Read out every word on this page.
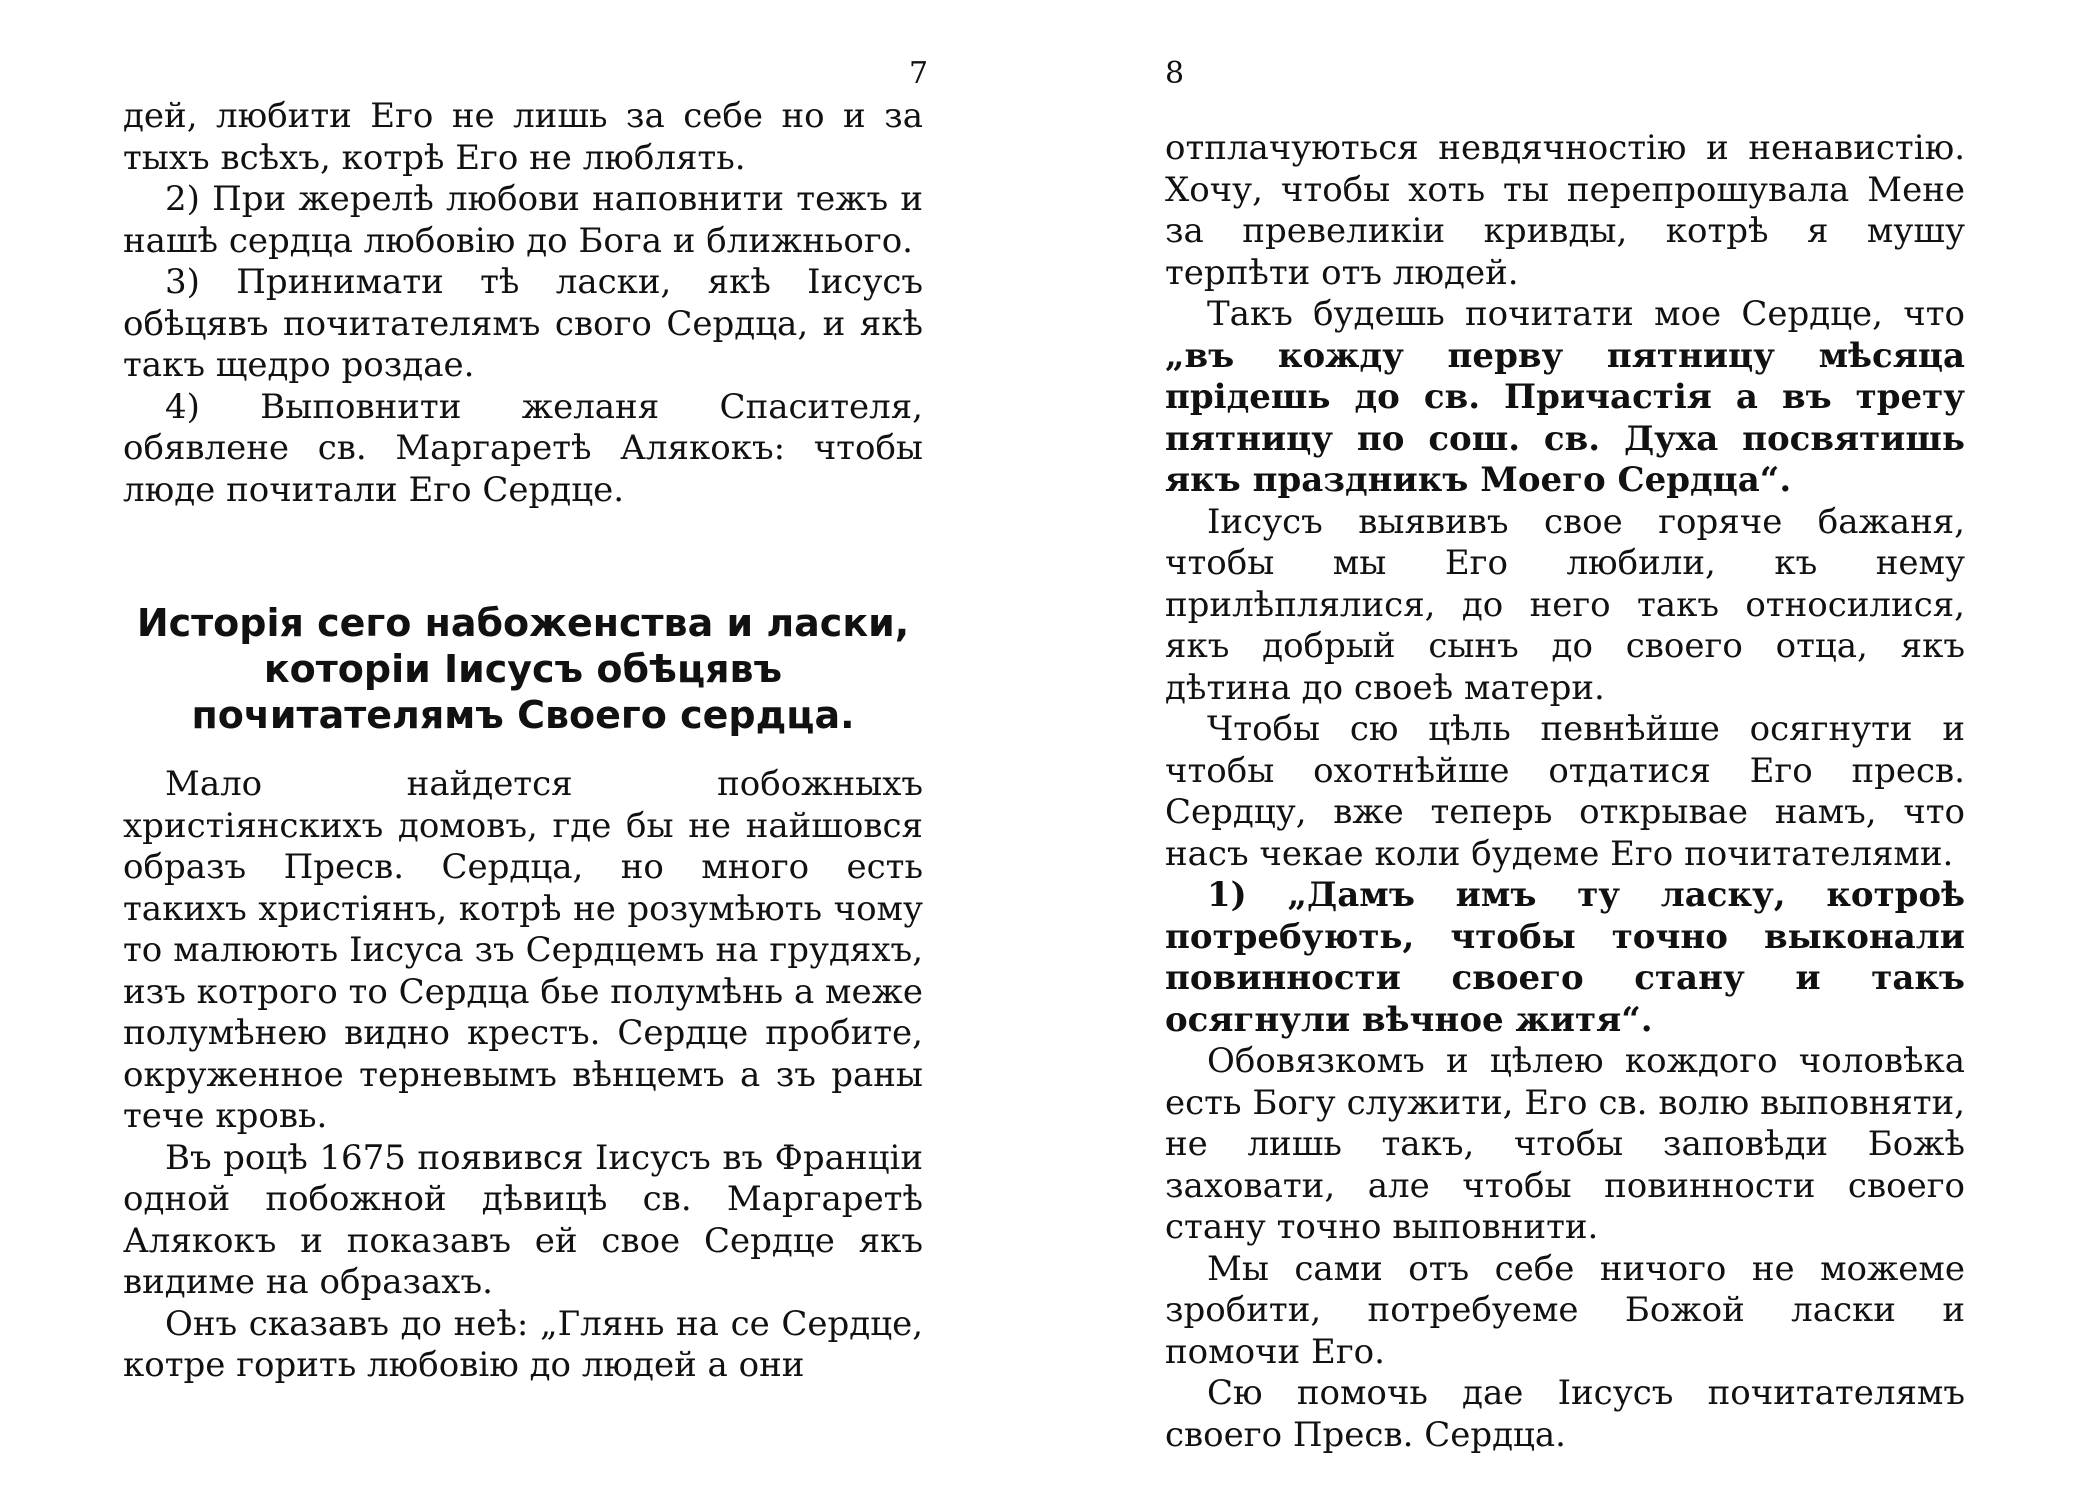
7

дей, любити Его не лишь за себе но и за тыхъ всѣхъ, котрѣ Его не люблять.

2) При жерелѣ любови наповнити тежъ и нашѣ сердца любовію до Бога и ближнього.

3) Принимати тѣ ласки, якѣ Іисусъ обѣцявъ почитателямъ свого Сердца, и якѣ такъ щедро роздае.

4) Выповнити желаня Спасителя, обявлене св. Маргаретѣ Алякокъ: чтобы люде почитали Его Сердце.

Исторія сего набоженства и ласки, которіи Іисусъ обѣцявъ почитателямъ Своего сердца.

Мало найдется побожныхъ христіянскихъ домовъ, где бы не найшовся образъ Пресв. Сердца, но много есть такихъ христіянъ, котрѣ не розумѣють чому то малюють Іисуса зъ Сердцемъ на грудяхъ, изъ котрого то Сердца бье полумѣнь а меже полумѣнею видно крестъ. Сердце пробите, окруженное терневымъ вѣнцемъ а зъ раны тече кровь.

Въ роцѣ 1675 появився Іисусъ въ Франціи одной побожной дѣвицѣ св. Маргаретѣ Алякокъ и показавъ ей свое Сердце якъ видиме на образахъ.

Онъ сказавъ до неѣ: „Глянь на се Сердце, котре горить любовію до людей а они

8

отплачуються невдячностію и ненавистію. Хочу, чтобы хоть ты перепрошувала Мене за превеликіи кривды, котрѣ я мушу терпѣти отъ людей.

Такъ будешь почитати мое Сердце, что „въ кожду перву пятницу мѣсяца прідешь до св. Причастія а въ трету пятницу по сош. св. Духа посвятишь якъ праздникъ Моего Сердца“.

Іисусъ выявивъ свое горяче бажаня, чтобы мы Его любили, къ нему прилѣплялися, до него такъ относилися, якъ добрый сынъ до своего отца, якъ дѣтина до своеѣ матери.

Чтобы сю цѣль певнѣйше осягнути и чтобы охотнѣйше отдатися Его пресв. Сердцу, вже теперь открывае намъ, что насъ чекае коли будеме Его почитателями.

1) „Дамъ имъ ту ласку, котроѣ потребують, чтобы точно выконали повинности своего стану и такъ осягнули вѣчное житя“.

Обовязкомъ и цѣлею кождого чоловѣка есть Богу служити, Его св. волю выповняти, не лишь такъ, чтобы заповѣди Божѣ заховати, але чтобы повинности своего стану точно выповнити.

Мы сами отъ себе ничого не можеме зробити, потребуеме Божой ласки и помочи Его.

Сю помочь дае Іисусъ почитателямъ своего Пресв. Сердца.
